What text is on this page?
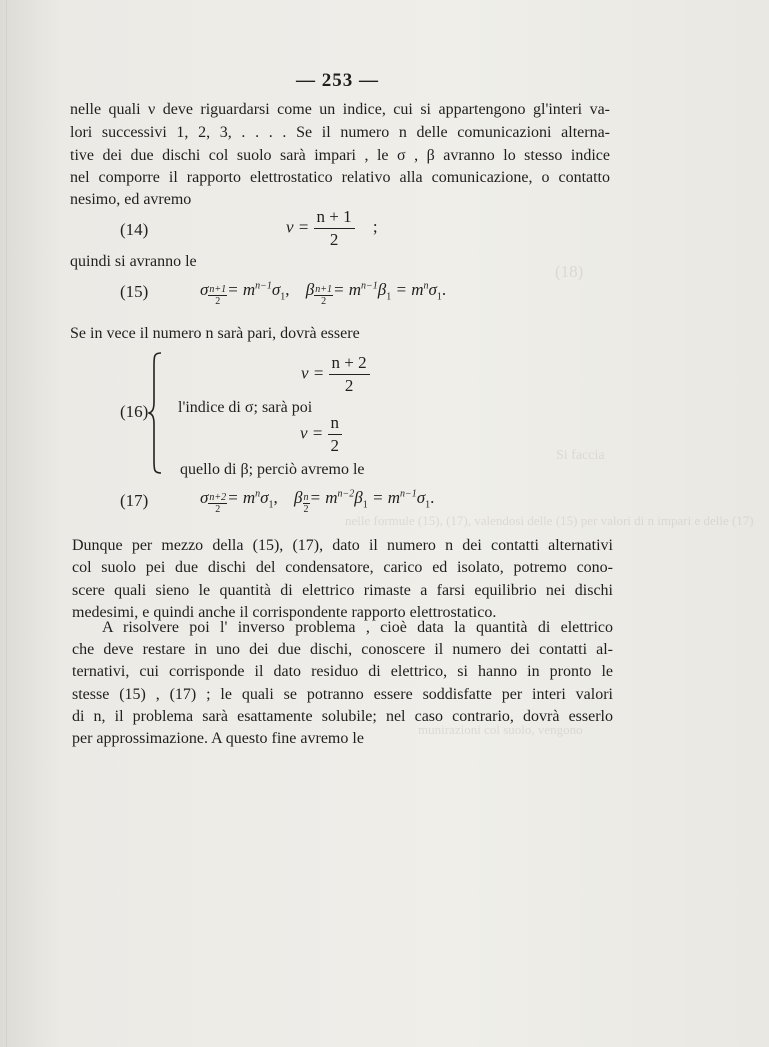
(18)
Si faccia
nelle formule (15), (17), valendosi delle (15) per valori di n impari e delle (17)
munirazioni col suolo, vengono
— 253 —
nelle quali ν deve riguardarsi come un indice, cui si appartengono gl'interi va-
lori successivi 1, 2, 3, . . . . Se il numero n delle comunicazioni alterna-
tive dei due dischi col suolo sarà impari , le σ , β avranno lo stesso indice
nel comporre il rapporto elettrostatico relativo alla comunicazione, o contatto
nesimo, ed avremo
(14)	$\nu = \frac{n + 1}{2}$ ;
quindi si avranno le
(15)	σ $\frac{n+1}{2} = m^{n-1}\sigma_1$, β $\frac{n+1}{2} = m^{n-1}\beta_1 = m^n\sigma_1$.
Se in vece il numero n sarà pari, dovrà essere
(16)
$\nu = \frac{n + 2}{2}$
l'indice di σ; sarà poi
$\nu = \frac{n}{2}$
quello di β; perciò avremo le
(17)	σ $\frac{n+2}{2} = m^n\sigma_1$, β $\frac{n}{2} = m^{n-2}\beta_1 = m^{n-1}\sigma_1$.
Dunque per mezzo della (15), (17), dato il numero n dei contatti alternativi
col suolo pei due dischi del condensatore, carico ed isolato, potremo cono-
scere quali sieno le quantità di elettrico rimaste a farsi equilibrio nei dischi
medesimi, e quindi anche il corrispondente rapporto elettrostatico.
A risolvere poi l' inverso problema , cioè data la quantità di elettrico
che deve restare in uno dei due dischi, conoscere il numero dei contatti al-
ternativi, cui corrisponde il dato residuo di elettrico, si hanno in pronto le
stesse (15) , (17) ; le quali se potranno essere soddisfatte per interi valori
di n, il problema sarà esattamente solubile; nel caso contrario, dovrà esserlo
per approssimazione. A questo fine avremo le
